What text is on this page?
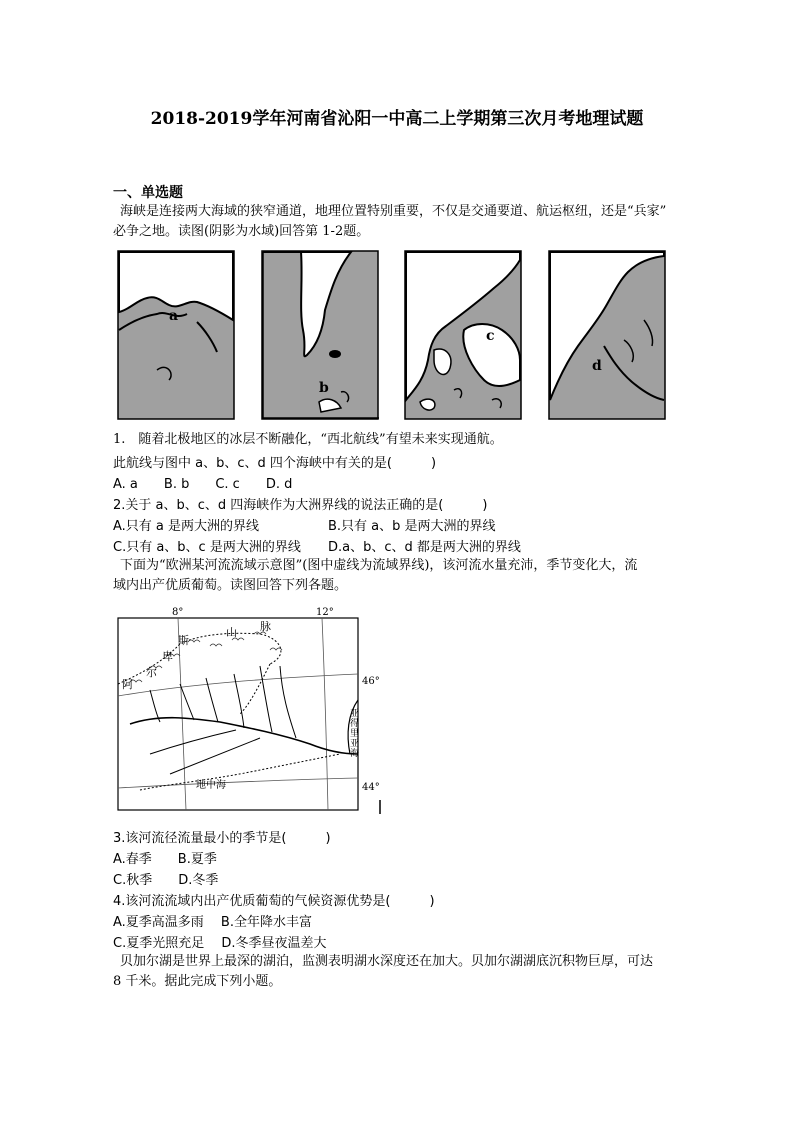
2018-2019学年河南省沁阳一中高二上学期第三次月考地理试题
一、单选题
海峡是连接两大海域的狭窄通道，地理位置特别重要，不仅是交通要道、航运枢纽，还是“兵家”
必争之地。读图(阴影为水域)回答第 1-2题。
a
b
c
d
1.　随着北极地区的冰层不断融化，“西北航线”有望未来实现通航。
此航线与图中 a、b、c、d 四个海峡中有关的是(　　　)
A. a　　B. b　　C. c　　D. d
2.关于 a、b、c、d 四海峡作为大洲界线的说法正确的是(　　　)
A.只有 a 是两大洲的界线	B.只有 a、b 是两大洲的界线
C.只有 a、b、c 是两大洲的界线 D.a、b、c、d 都是两大洲的界线
下面为“欧洲某河流流域示意图”(图中虚线为流域界线)，该河流水量充沛，季节变化大，流
域内出产优质葡萄。读图回答下列各题。
8°	12°
46°
44°
斯
山 脉
卑
尔
阿
亚
得
里
亚
海
地中海
3.该河流径流量最小的季节是(　　　)
A.春季　　B.夏季
C.秋季　　D.冬季
4.该河流流域内出产优质葡萄的气候资源优势是(　　　)
A.夏季高温多雨　 B.全年降水丰富
C.夏季光照充足　 D.冬季昼夜温差大
贝加尔湖是世界上最深的湖泊，监测表明湖水深度还在加大。贝加尔湖湖底沉积物巨厚，可达
8 千米。据此完成下列小题。
